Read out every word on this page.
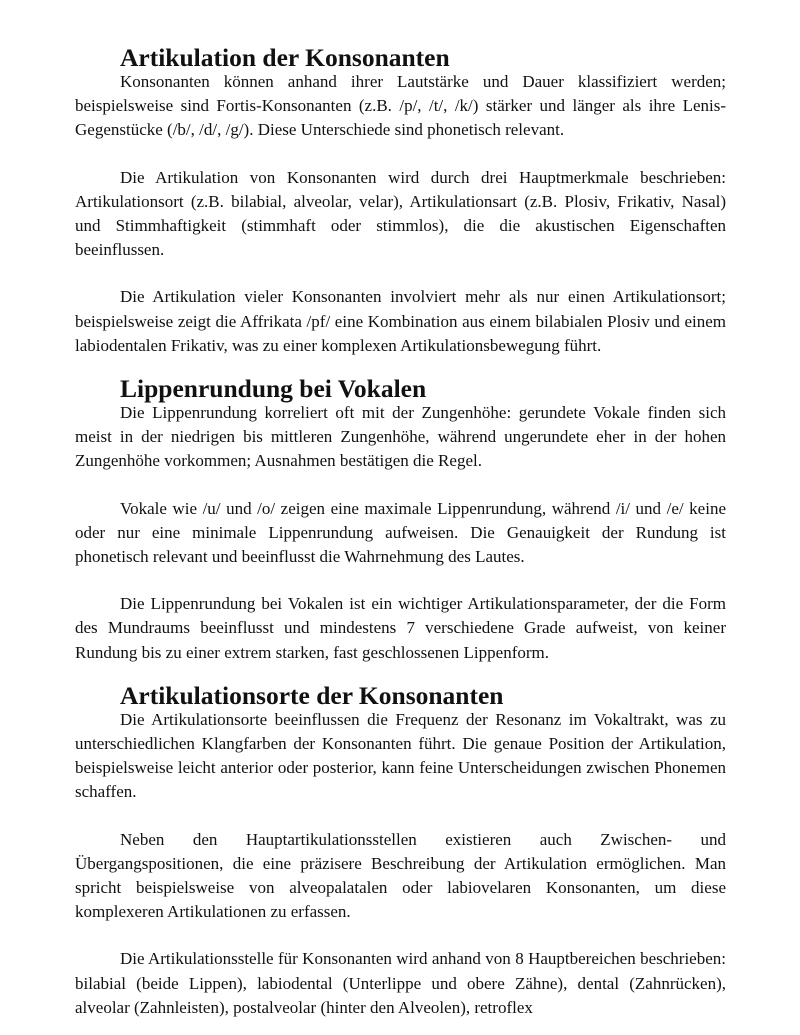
Artikulation der Konsonanten

Konsonanten können anhand ihrer Lautstärke und Dauer klassifiziert werden; beispielsweise sind Fortis-Konsonanten (z.B. /p/, /t/, /k/) stärker und länger als ihre Lenis-Gegenstücke (/b/, /d/, /g/). Diese Unterschiede sind phonetisch relevant.

Die Artikulation von Konsonanten wird durch drei Hauptmerkmale beschrieben: Artikulationsort (z.B. bilabial, alveolar, velar), Artikulationsart (z.B. Plosiv, Frikativ, Nasal) und Stimmhaftigkeit (stimmhaft oder stimmlos), die die akustischen Eigenschaften beeinflussen.

Die Artikulation vieler Konsonanten involviert mehr als nur einen Artikulationsort; beispielsweise zeigt die Affrikata /pf/ eine Kombination aus einem bilabialen Plosiv und einem labiodentalen Frikativ, was zu einer komplexen Artikulationsbewegung führt.

Lippenrundung bei Vokalen

Die Lippenrundung korreliert oft mit der Zungenhöhe: gerundete Vokale finden sich meist in der niedrigen bis mittleren Zungenhöhe, während ungerundete eher in der hohen Zungenhöhe vorkommen; Ausnahmen bestätigen die Regel.

Vokale wie /u/ und /o/ zeigen eine maximale Lippenrundung, während /i/ und /e/ keine oder nur eine minimale Lippenrundung aufweisen. Die Genauigkeit der Rundung ist phonetisch relevant und beeinflusst die Wahrnehmung des Lautes.

Die Lippenrundung bei Vokalen ist ein wichtiger Artikulationsparameter, der die Form des Mundraums beeinflusst und mindestens 7 verschiedene Grade aufweist, von keiner Rundung bis zu einer extrem starken, fast geschlossenen Lippenform.

Artikulationsorte der Konsonanten

Die Artikulationsorte beeinflussen die Frequenz der Resonanz im Vokaltrakt, was zu unterschiedlichen Klangfarben der Konsonanten führt. Die genaue Position der Artikulation, beispielsweise leicht anterior oder posterior, kann feine Unterscheidungen zwischen Phonemen schaffen.

Neben den Hauptartikulationsstellen existieren auch Zwischen- und Übergangspositionen, die eine präzisere Beschreibung der Artikulation ermöglichen. Man spricht beispielsweise von alveopalatalen oder labiovelaren Konsonanten, um diese komplexeren Artikulationen zu erfassen.

Die Artikulationsstelle für Konsonanten wird anhand von 8 Hauptbereichen beschrieben: bilabial (beide Lippen), labiodental (Unterlippe und obere Zähne), dental (Zahnrücken), alveolar (Zahnleisten), postalveolar (hinter den Alveolen), retroflex
